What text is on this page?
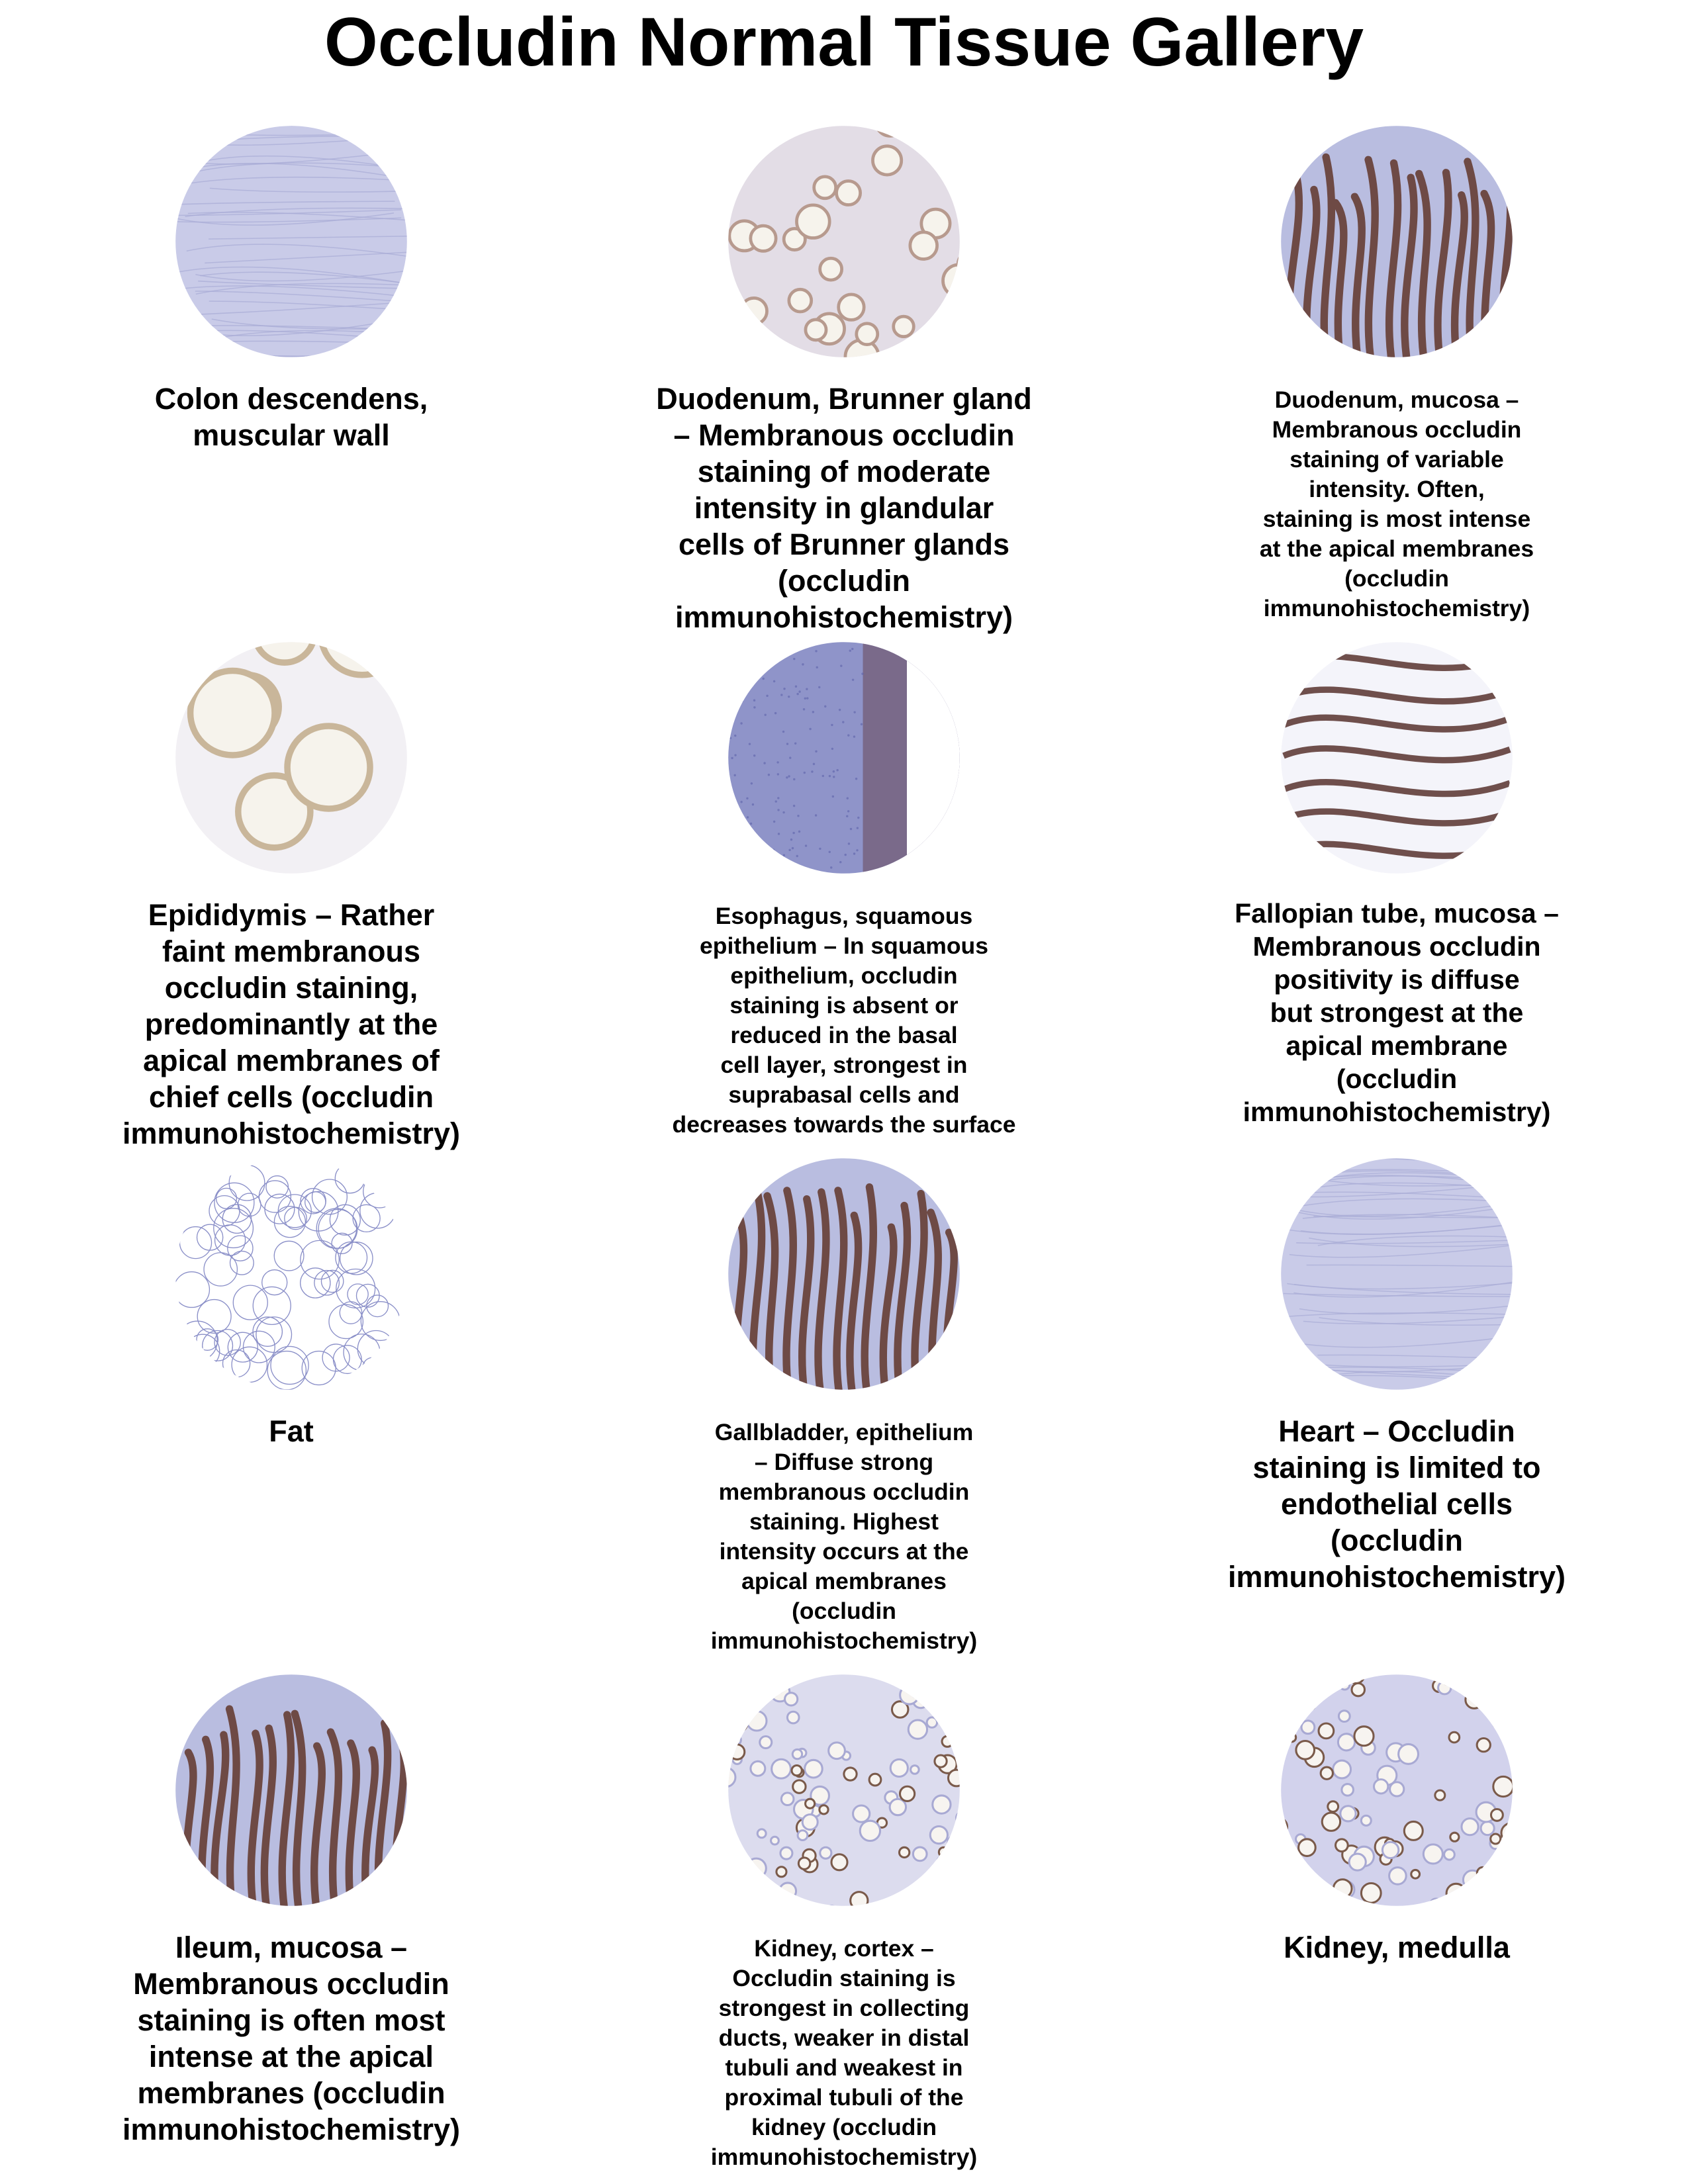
Occludin Normal Tissue Gallery
Colon descendens,
muscular wall
Duodenum, Brunner gland
– Membranous occludin
staining of moderate
intensity in glandular
cells of Brunner glands
(occludin
immunohistochemistry)
Duodenum, mucosa –
Membranous occludin
staining of variable
intensity. Often,
staining is most intense
at the apical membranes
(occludin
immunohistochemistry)
Epididymis – Rather
faint membranous
occludin staining,
predominantly at the
apical membranes of
chief cells (occludin
immunohistochemistry)
Esophagus, squamous
epithelium – In squamous
epithelium, occludin
staining is absent or
reduced in the basal
cell layer, strongest in
suprabasal cells and
decreases towards the surface
Fallopian tube, mucosa –
Membranous occludin
positivity is diffuse
but strongest at the
apical membrane
(occludin
immunohistochemistry)
Fat	Gallbladder, epithelium
– Diffuse strong
membranous occludin
staining. Highest
intensity occurs at the
apical membranes
(occludin
immunohistochemistry)
Heart – Occludin
staining is limited to
endothelial cells
(occludin
immunohistochemistry)
Ileum, mucosa –
Membranous occludin
staining is often most
intense at the apical
membranes (occludin
immunohistochemistry)
Kidney, cortex –
Occludin staining is
strongest in collecting
ducts, weaker in distal
tubuli and weakest in
proximal tubuli of the
kidney (occludin
immunohistochemistry)
Kidney, medulla
